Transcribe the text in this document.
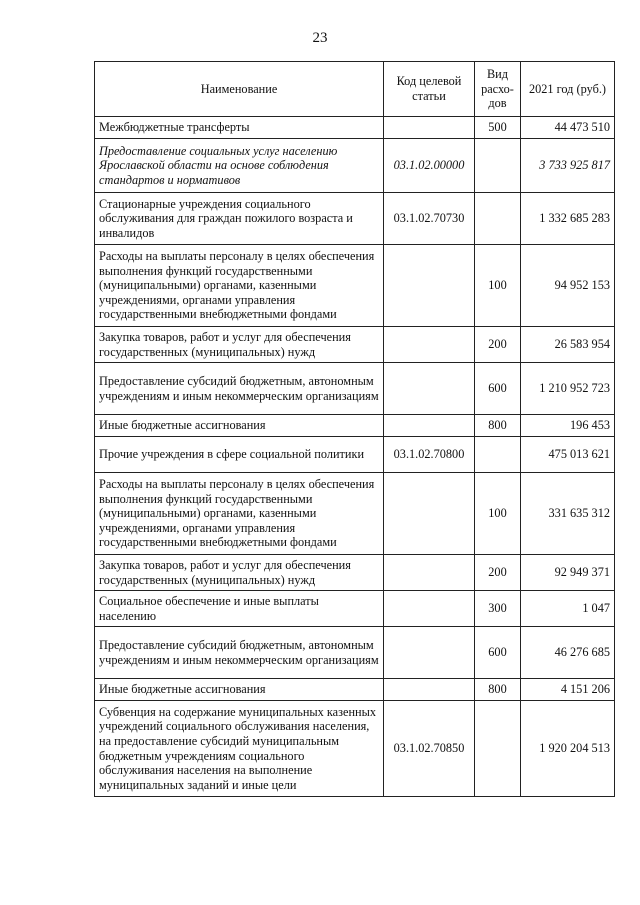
23
Наименование	Код целевой статьи	Вид расхо-дов	2021 год (руб.)
Межбюджетные трансферты		500	44 473 510
Предоставление социальных услуг населению Ярославской области на основе соблюдения стандартов и нормативов	03.1.02.00000		3 733 925 817
Стационарные учреждения социального обслуживания для граждан пожилого возраста и инвалидов	03.1.02.70730		1 332 685 283
Расходы на выплаты персоналу в целях обеспечения выполнения функций государственными (муниципальными) органами, казенными учреждениями, органами управления государственными внебюджетными фондами		100	94 952 153
Закупка товаров, работ и услуг для обеспечения государственных (муниципальных) нужд		200	26 583 954
Предоставление субсидий бюджетным, автономным учреждениям и иным некоммерческим организациям		600	1 210 952 723
Иные бюджетные ассигнования		800	196 453
Прочие учреждения в сфере социальной политики	03.1.02.70800		475 013 621
Расходы на выплаты персоналу в целях обеспечения выполнения функций государственными (муниципальными) органами, казенными учреждениями, органами управления государственными внебюджетными фондами		100	331 635 312
Закупка товаров, работ и услуг для обеспечения государственных (муниципальных) нужд		200	92 949 371
Социальное обеспечение и иные выплаты населению		300	1 047
Предоставление субсидий бюджетным, автономным учреждениям и иным некоммерческим организациям		600	46 276 685
Иные бюджетные ассигнования		800	4 151 206
Субвенция на содержание муниципальных казенных учреждений социального обслуживания населения, на предоставление субсидий муниципальным бюджетным учреждениям социального обслуживания населения на выполнение муниципальных заданий и иные цели	03.1.02.70850		1 920 204 513
